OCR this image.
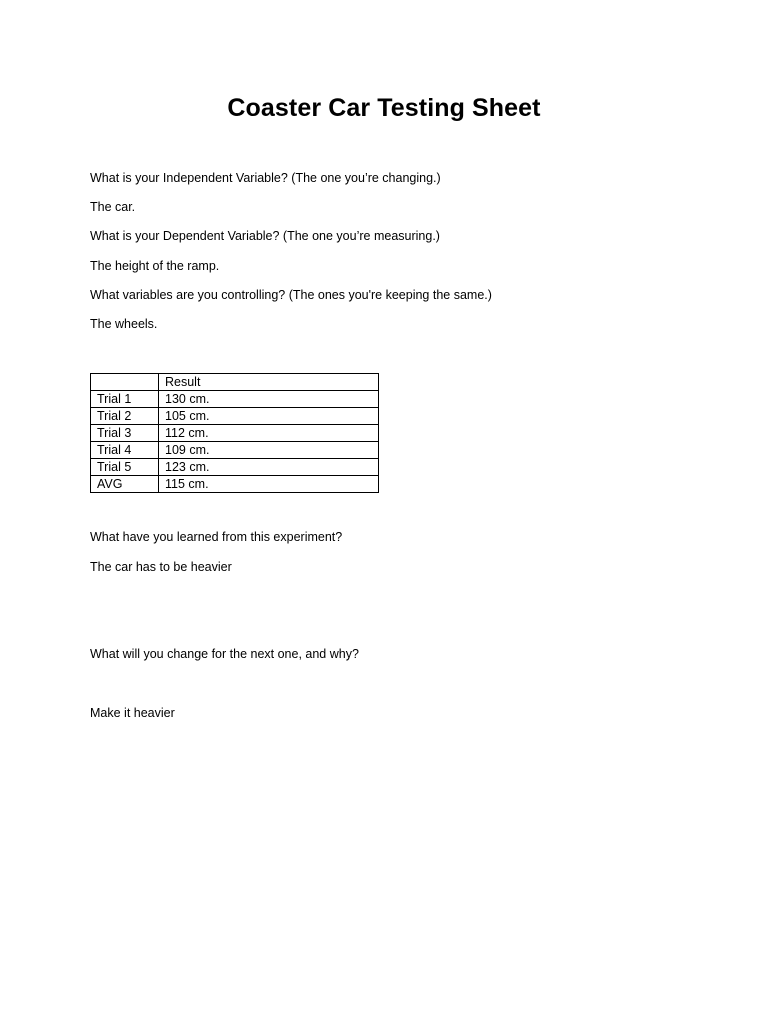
Coaster Car Testing Sheet
What is your Independent Variable? (The one you’re changing.)
The car.
What is your Dependent Variable? (The one you’re measuring.)
The height of the ramp.
What variables are you controlling? (The ones you're keeping the same.)
The wheels.
	Result
Trial 1	130 cm.
Trial 2	105 cm.
Trial 3	112 cm.
Trial 4	109 cm.
Trial 5	123 cm.
AVG	115 cm.
What have you learned from this experiment?
The car has to be heavier
What will you change for the next one, and why?
Make it heavier
